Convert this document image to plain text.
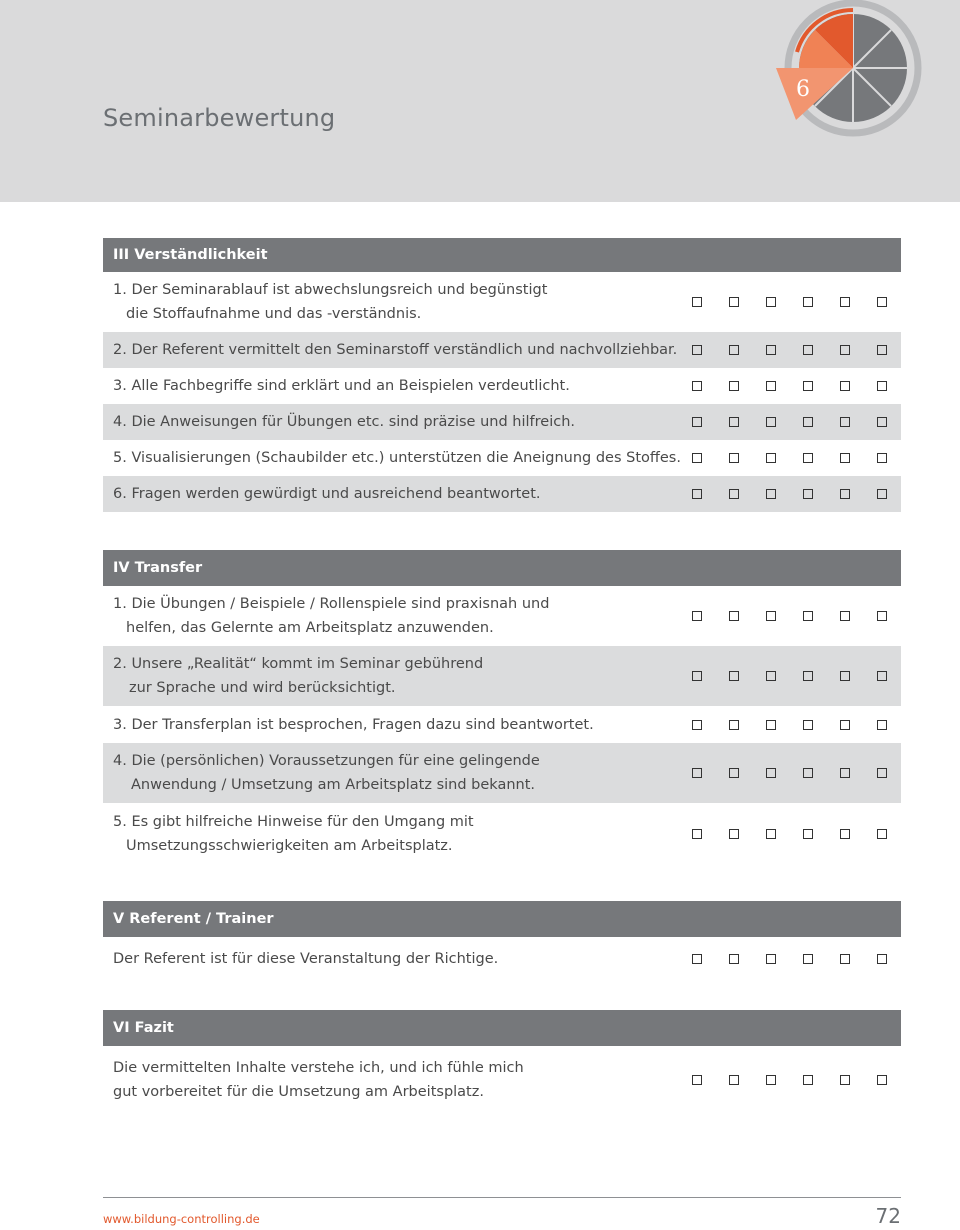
Seminarbewertung
6
III Verständlichkeit
1. Der Seminarablauf ist abwechslungsreich und begünstigt
die Stoffaufnahme und das -verständnis.
2. Der Referent vermittelt den Seminarstoff verständlich und nachvollziehbar.
3. Alle Fachbegriffe sind erklärt und an Beispielen verdeutlicht.
4. Die Anweisungen für Übungen etc. sind präzise und hilfreich.
5. Visualisierungen (Schaubilder etc.) unterstützen die Aneignung des Stoffes.
6. Fragen werden gewürdigt und ausreichend beantwortet.
IV Transfer
1. Die Übungen / Beispiele / Rollenspiele sind praxisnah und
helfen, das Gelernte am Arbeitsplatz anzuwenden.
2. Unsere „Realität“ kommt im Seminar gebührend
zur Sprache und wird berücksichtigt.
3. Der Transferplan ist besprochen, Fragen dazu sind beantwortet.
4. Die (persönlichen) Voraussetzungen für eine gelingende
Anwendung / Umsetzung am Arbeitsplatz sind bekannt.
5. Es gibt hilfreiche Hinweise für den Umgang mit
Umsetzungsschwierigkeiten am Arbeitsplatz.
V Referent / Trainer
Der Referent ist für diese Veranstaltung der Richtige.
VI Fazit
Die vermittelten Inhalte verstehe ich, und ich fühle mich
gut vorbereitet für die Umsetzung am Arbeitsplatz.
www.bildung-controlling.de	72
